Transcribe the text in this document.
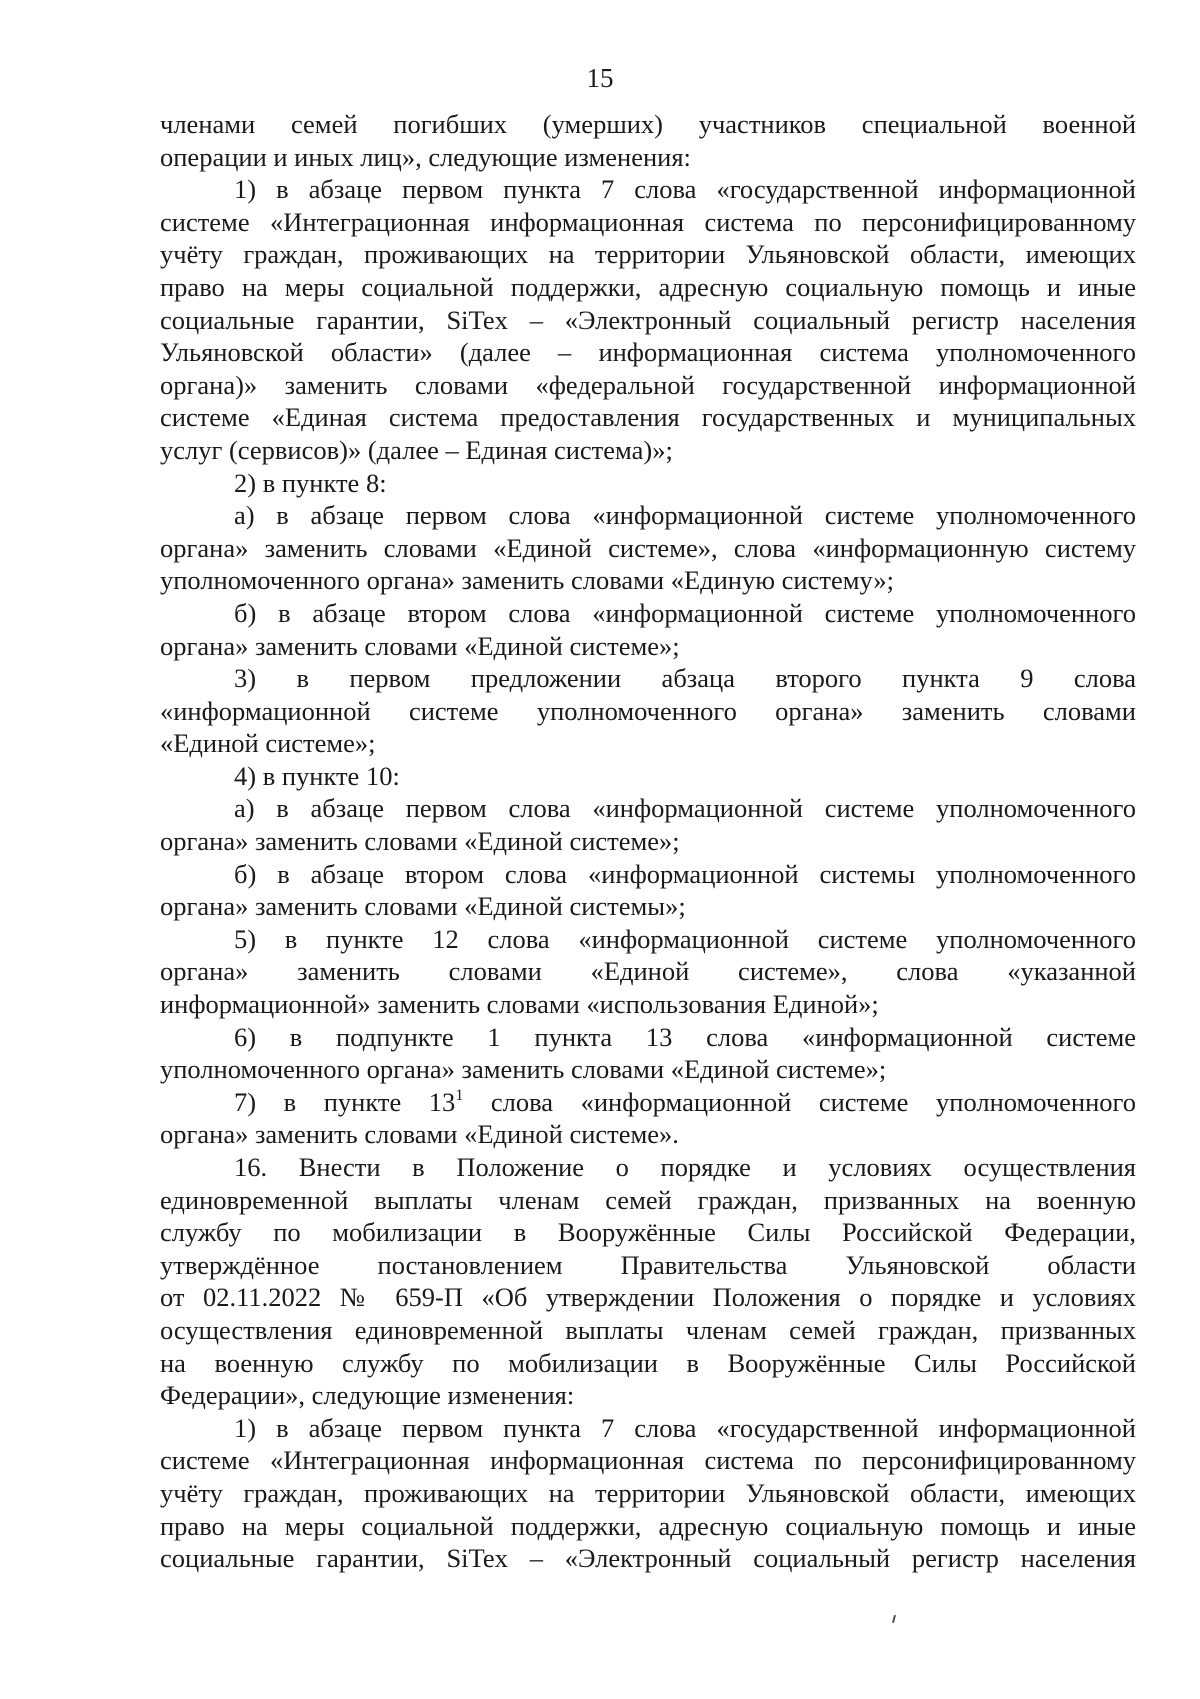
15
членами семей погибших (умерших) участников специальной военной
операции и иных лиц», следующие изменения:
1) в абзаце первом пункта 7 слова «государственной информационной
системе «Интеграционная информационная система по персонифицированному
учёту граждан, проживающих на территории Ульяновской области, имеющих
право на меры социальной поддержки, адресную социальную помощь и иные
социальные гарантии, SiTex – «Электронный социальный регистр населения
Ульяновской области» (далее – информационная система уполномоченного
органа)» заменить словами «федеральной государственной информационной
системе «Единая система предоставления государственных и муниципальных
услуг (сервисов)» (далее – Единая система)»;
2) в пункте 8:
а) в абзаце первом слова «информационной системе уполномоченного
органа» заменить словами «Единой системе», слова «информационную систему
уполномоченного органа» заменить словами «Единую систему»;
б) в абзаце втором слова «информационной системе уполномоченного
органа» заменить словами «Единой системе»;
3) в первом предложении абзаца второго пункта 9 слова
«информационной системе уполномоченного органа» заменить словами
«Единой системе»;
4) в пункте 10:
а) в абзаце первом слова «информационной системе уполномоченного
органа» заменить словами «Единой системе»;
б) в абзаце втором слова «информационной системы уполномоченного
органа» заменить словами «Единой системы»;
5) в пункте 12 слова «информационной системе уполномоченного
органа» заменить словами «Единой системе», слова «указанной
информационной» заменить словами «использования Единой»;
6) в подпункте 1 пункта 13 слова «информационной системе
уполномоченного органа» заменить словами «Единой системе»;
7) в пункте 13$^1$ слова «информационной системе уполномоченного
органа» заменить словами «Единой системе».
16. Внести в Положение о порядке и условиях осуществления
единовременной выплаты членам семей граждан, призванных на военную
службу по мобилизации в Вооружённые Силы Российской Федерации,
утверждённое постановлением Правительства Ульяновской области
от 02.11.2022 № 659-П «Об утверждении Положения о порядке и условиях
осуществления единовременной выплаты членам семей граждан, призванных
на военную службу по мобилизации в Вооружённые Силы Российской
Федерации», следующие изменения:
1) в абзаце первом пункта 7 слова «государственной информационной
системе «Интеграционная информационная система по персонифицированному
учёту граждан, проживающих на территории Ульяновской области, имеющих
право на меры социальной поддержки, адресную социальную помощь и иные
социальные гарантии, SiTex – «Электронный социальный регистр населения
